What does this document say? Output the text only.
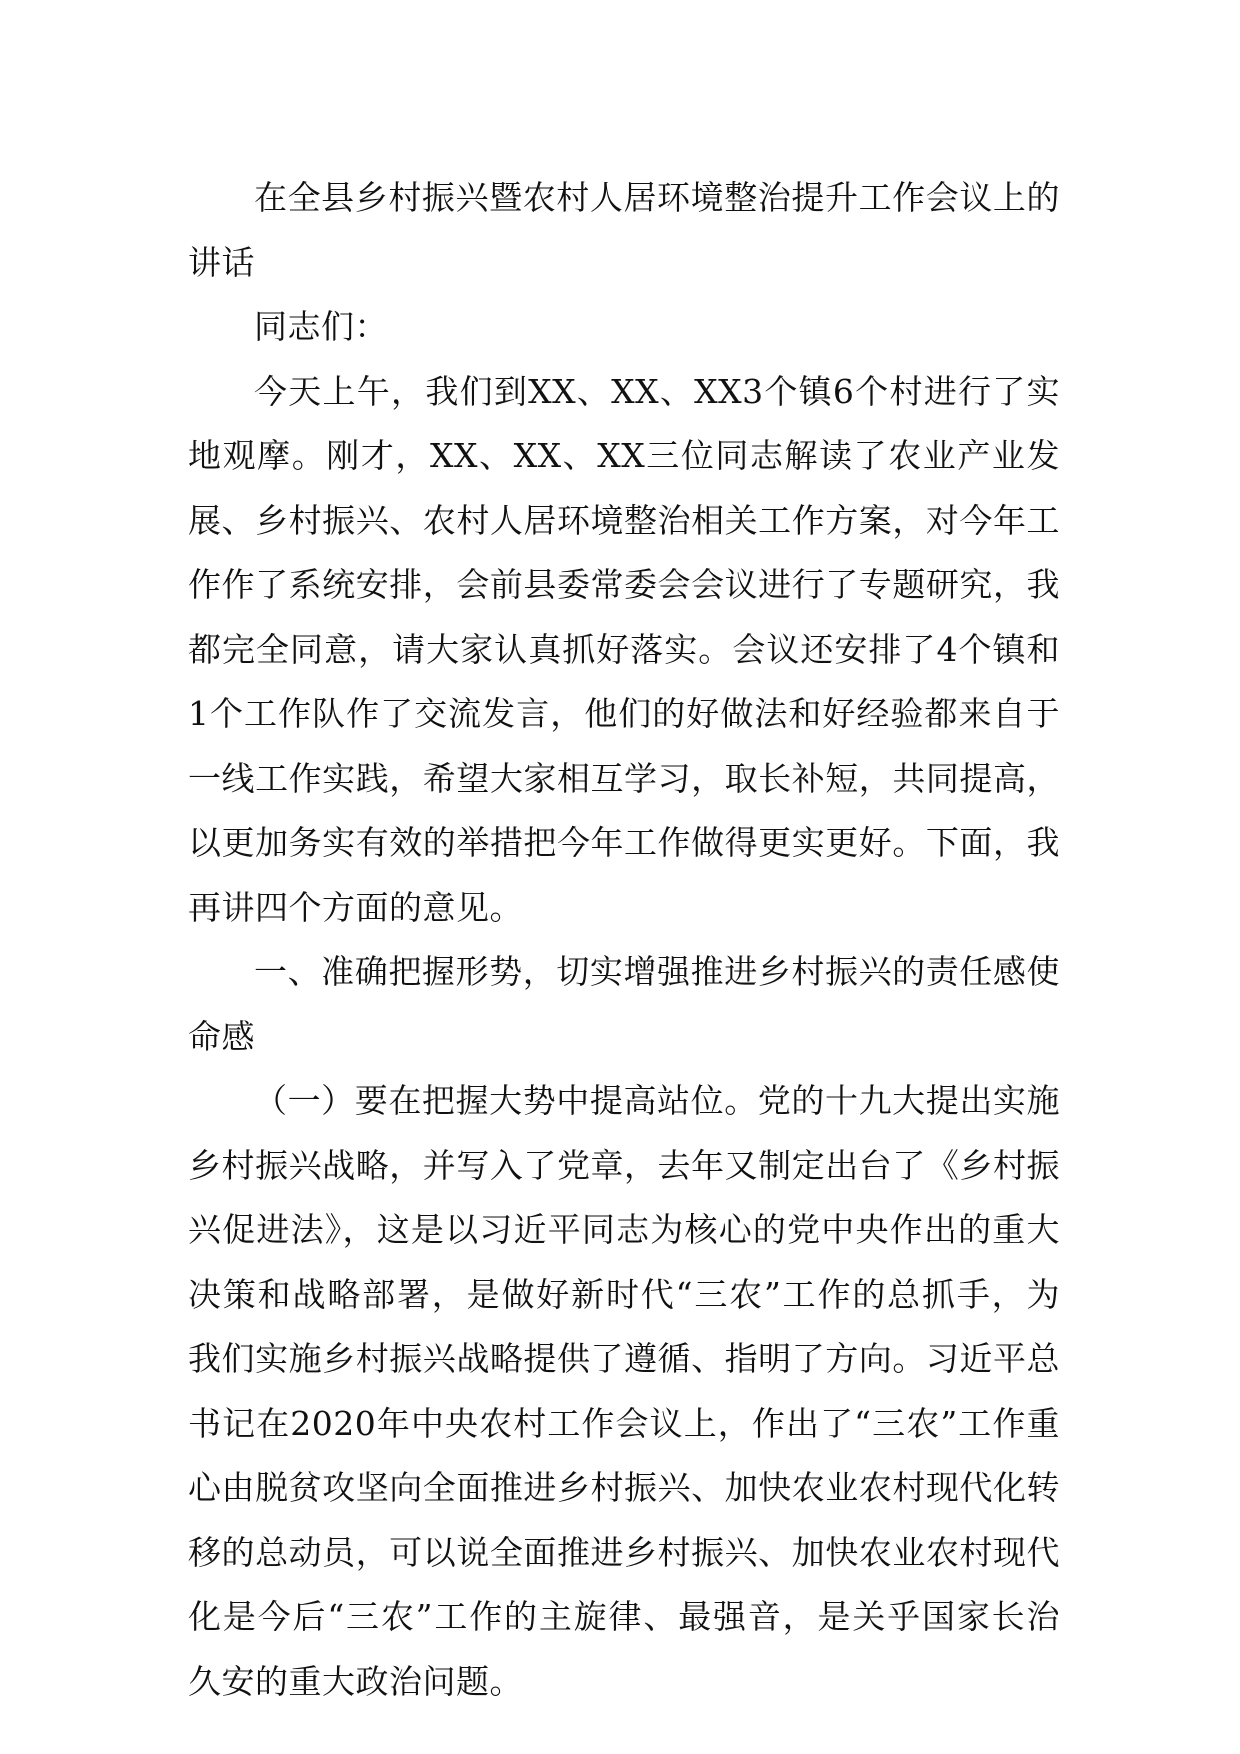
在全县乡村振兴暨农村人居环境整治提升工作会议上的讲话

同志们：

今天上午，我们到XX、XX、XX3个镇6个村进行了实地观摩。刚才，XX、XX、XX三位同志解读了农业产业发展、乡村振兴、农村人居环境整治相关工作方案，对今年工作作了系统安排，会前县委常委会会议进行了专题研究，我都完全同意，请大家认真抓好落实。会议还安排了4个镇和1个工作队作了交流发言，他们的好做法和好经验都来自于一线工作实践，希望大家相互学习，取长补短，共同提高，以更加务实有效的举措把今年工作做得更实更好。下面，我再讲四个方面的意见。

一、准确把握形势，切实增强推进乡村振兴的责任感使命感

（一）要在把握大势中提高站位。党的十九大提出实施乡村振兴战略，并写入了党章，去年又制定出台了《乡村振兴促进法》，这是以习近平同志为核心的党中央作出的重大决策和战略部署，是做好新时代“三农”工作的总抓手，为我们实施乡村振兴战略提供了遵循、指明了方向。习近平总书记在2020年中央农村工作会议上，作出了“三农”工作重心由脱贫攻坚向全面推进乡村振兴、加快农业农村现代化转移的总动员，可以说全面推进乡村振兴、加快农业农村现代化是今后“三农”工作的主旋律、最强音，是关乎国家长治久安的重大政治问题。
